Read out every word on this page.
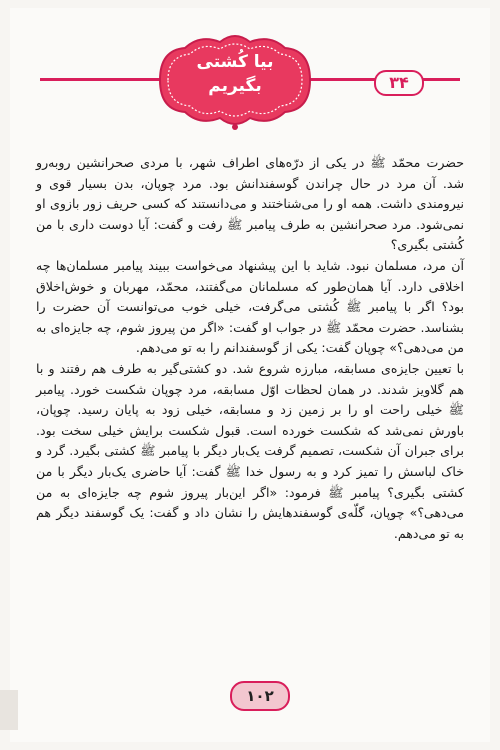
بیا کُشتی
بگیریم	۳۴

حضرت محمّد ﷺ در یکی از درّه‌های اطراف شهر، با مردی صحرانشین روبه‌رو شد. آن مرد در حال چراندن گوسفندانش بود. مرد چوپان، بدن بسیار قوی و نیرومندی داشت. همه او را می‌شناختند و می‌دانستند که کسی حریف زور بازوی او نمی‌شود. مرد صحرانشین به طرف پیامبر ﷺ رفت و گفت: آیا دوست داری با من کُشتی بگیری؟

آن مرد، مسلمان نبود. شاید با این پیشنهاد می‌خواست ببیند پیامبر مسلمان‌ها چه اخلاقی دارد. آیا همان‌طور که مسلمانان می‌گفتند، محمّد، مهربان و خوش‌اخلاق بود؟ اگر با پیامبر ﷺ کُشتی می‌گرفت، خیلی خوب می‌توانست آن حضرت را بشناسد. حضرت محمّد ﷺ در جواب او گفت: «اگر من پیروز شوم، چه جایزه‌ای به من می‌دهی؟» چوپان گفت: یکی از گوسفندانم را به تو می‌دهم.

با تعیین جایزه‌ی مسابقه، مبارزه شروع شد. دو کشتی‌گیر به طرف هم رفتند و با هم گلاویز شدند. در همان لحظات اوّل مسابقه، مرد چوپان شکست خورد. پیامبر ﷺ خیلی راحت او را بر زمین زد و مسابقه، خیلی زود به پایان رسید. چوپان، باورش نمی‌شد که شکست خورده است. قبول شکست برایش خیلی سخت بود. برای جبران آن شکست، تصمیم گرفت یک‌بار دیگر با پیامبر ﷺ کشتی بگیرد. گرد و خاک لباسش را تمیز کرد و به رسول خدا ﷺ گفت: آیا حاضری یک‌بار دیگر با من کشتی بگیری؟ پیامبر ﷺ فرمود: «اگر این‌بار پیروز شوم چه جایزه‌ای به من می‌دهی؟» چوپان، گلّه‌ی گوسفندهایش را نشان داد و گفت: یک گوسفند دیگر هم به تو می‌دهم.

۱۰۲
